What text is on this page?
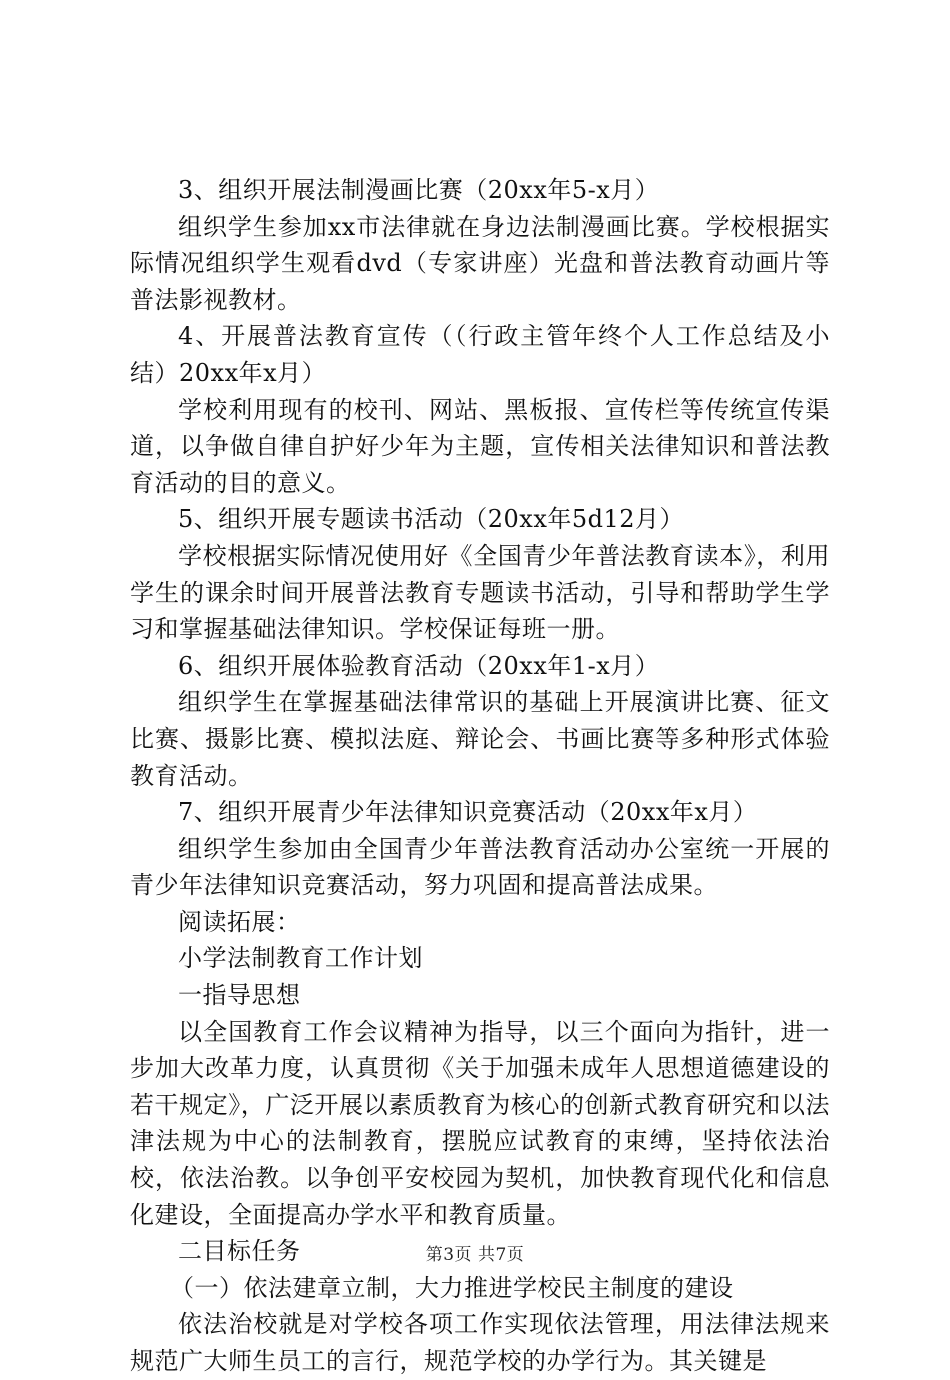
3、组织开展法制漫画比赛（20xx年5-x月）

组织学生参加xx市法律就在身边法制漫画比赛。学校根据实际情况组织学生观看dvd（专家讲座）光盘和普法教育动画片等普法影视教材。

4、开展普法教育宣传（（行政主管年终个人工作总结及小结）20xx年x月）

学校利用现有的校刊、网站、黑板报、宣传栏等传统宣传渠道，以争做自律自护好少年为主题，宣传相关法律知识和普法教育活动的目的意义。

5、组织开展专题读书活动（20xx年5d12月）

学校根据实际情况使用好《全国青少年普法教育读本》，利用学生的课余时间开展普法教育专题读书活动，引导和帮助学生学习和掌握基础法律知识。学校保证每班一册。

6、组织开展体验教育活动（20xx年1-x月）

组织学生在掌握基础法律常识的基础上开展演讲比赛、征文比赛、摄影比赛、模拟法庭、辩论会、书画比赛等多种形式体验教育活动。

7、组织开展青少年法律知识竞赛活动（20xx年x月）

组织学生参加由全国青少年普法教育活动办公室统一开展的青少年法律知识竞赛活动，努力巩固和提高普法成果。

阅读拓展：

小学法制教育工作计划

一指导思想

以全国教育工作会议精神为指导，以三个面向为指针，进一步加大改革力度，认真贯彻《关于加强未成年人思想道德建设的若干规定》，广泛开展以素质教育为核心的创新式教育研究和以法津法规为中心的法制教育，摆脱应试教育的束缚，坚持依法治校，依法治教。以争创平安校园为契机，加快教育现代化和信息化建设，全面提高办学水平和教育质量。

二目标任务

（一）依法建章立制，大力推进学校民主制度的建设

依法治校就是对学校各项工作实现依法管理，用法律法规来规范广大师生员工的言行，规范学校的办学行为。其关键是

第3页 共7页
